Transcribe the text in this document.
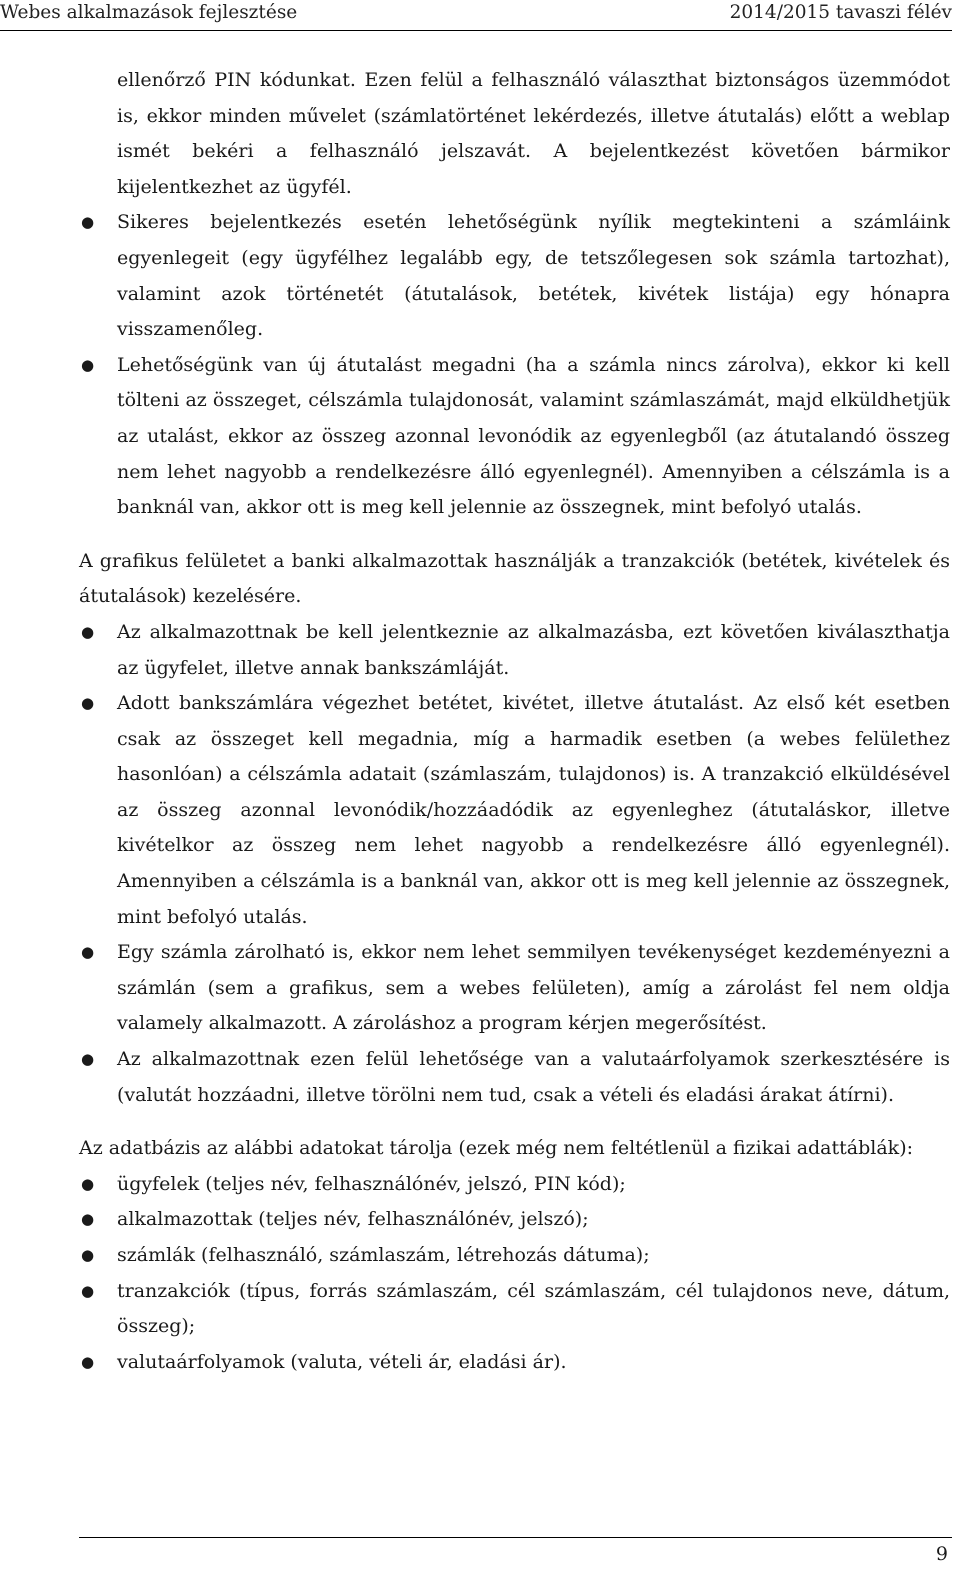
Webes alkalmazások fejlesztése	2014/2015 tavaszi félév
ellenőrző PIN kódunkat. Ezen felül a felhasználó választhat biztonságos üzemmódot is, ekkor minden művelet (számlatörténet lekérdezés, illetve átutalás) előtt a weblap ismét bekéri a felhasználó jelszavát. A bejelentkezést követően bármikor kijelentkezhet az ügyfél.
● Sikeres bejelentkezés esetén lehetőségünk nyílik megtekinteni a számláink egyenlegeit (egy ügyfélhez legalább egy, de tetszőlegesen sok számla tartozhat), valamint azok történetét (átutalások, betétek, kivétek listája) egy hónapra visszamenőleg.
● Lehetőségünk van új átutalást megadni (ha a számla nincs zárolva), ekkor ki kell tölteni az összeget, célszámla tulajdonosát, valamint számlaszámát, majd elküldhetjük az utalást, ekkor az összeg azonnal levonódik az egyenlegből (az átutalandó összeg nem lehet nagyobb a rendelkezésre álló egyenlegnél). Amennyiben a célszámla is a banknál van, akkor ott is meg kell jelennie az összegnek, mint befolyó utalás.

A grafikus felületet a banki alkalmazottak használják a tranzakciók (betétek, kivételek és átutalások) kezelésére.

● Az alkalmazottnak be kell jelentkeznie az alkalmazásba, ezt követően kiválaszthatja az ügyfelet, illetve annak bankszámláját.
● Adott bankszámlára végezhet betétet, kivétet, illetve átutalást. Az első két esetben csak az összeget kell megadnia, míg a harmadik esetben (a webes felülethez hasonlóan) a célszámla adatait (számlaszám, tulajdonos) is. A tranzakció elküldésével az összeg azonnal levonódik/hozzáadódik az egyenleghez (átutaláskor, illetve kivételkor az összeg nem lehet nagyobb a rendelkezésre álló egyenlegnél). Amennyiben a célszámla is a banknál van, akkor ott is meg kell jelennie az összegnek, mint befolyó utalás.
● Egy számla zárolható is, ekkor nem lehet semmilyen tevékenységet kezdeményezni a számlán (sem a grafikus, sem a webes felületen), amíg a zárolást fel nem oldja valamely alkalmazott. A zároláshoz a program kérjen megerősítést.
● Az alkalmazottnak ezen felül lehetősége van a valutaárfolyamok szerkesztésére is (valutát hozzáadni, illetve törölni nem tud, csak a vételi és eladási árakat átírni).

Az adatbázis az alábbi adatokat tárolja (ezek még nem feltétlenül a fizikai adattáblák):

● ügyfelek (teljes név, felhasználónév, jelszó, PIN kód);
● alkalmazottak (teljes név, felhasználónév, jelszó);
● számlák (felhasználó, számlaszám, létrehozás dátuma);
● tranzakciók (típus, forrás számlaszám, cél számlaszám, cél tulajdonos neve, dátum, összeg);
● valutaárfolyamok (valuta, vételi ár, eladási ár).
9
